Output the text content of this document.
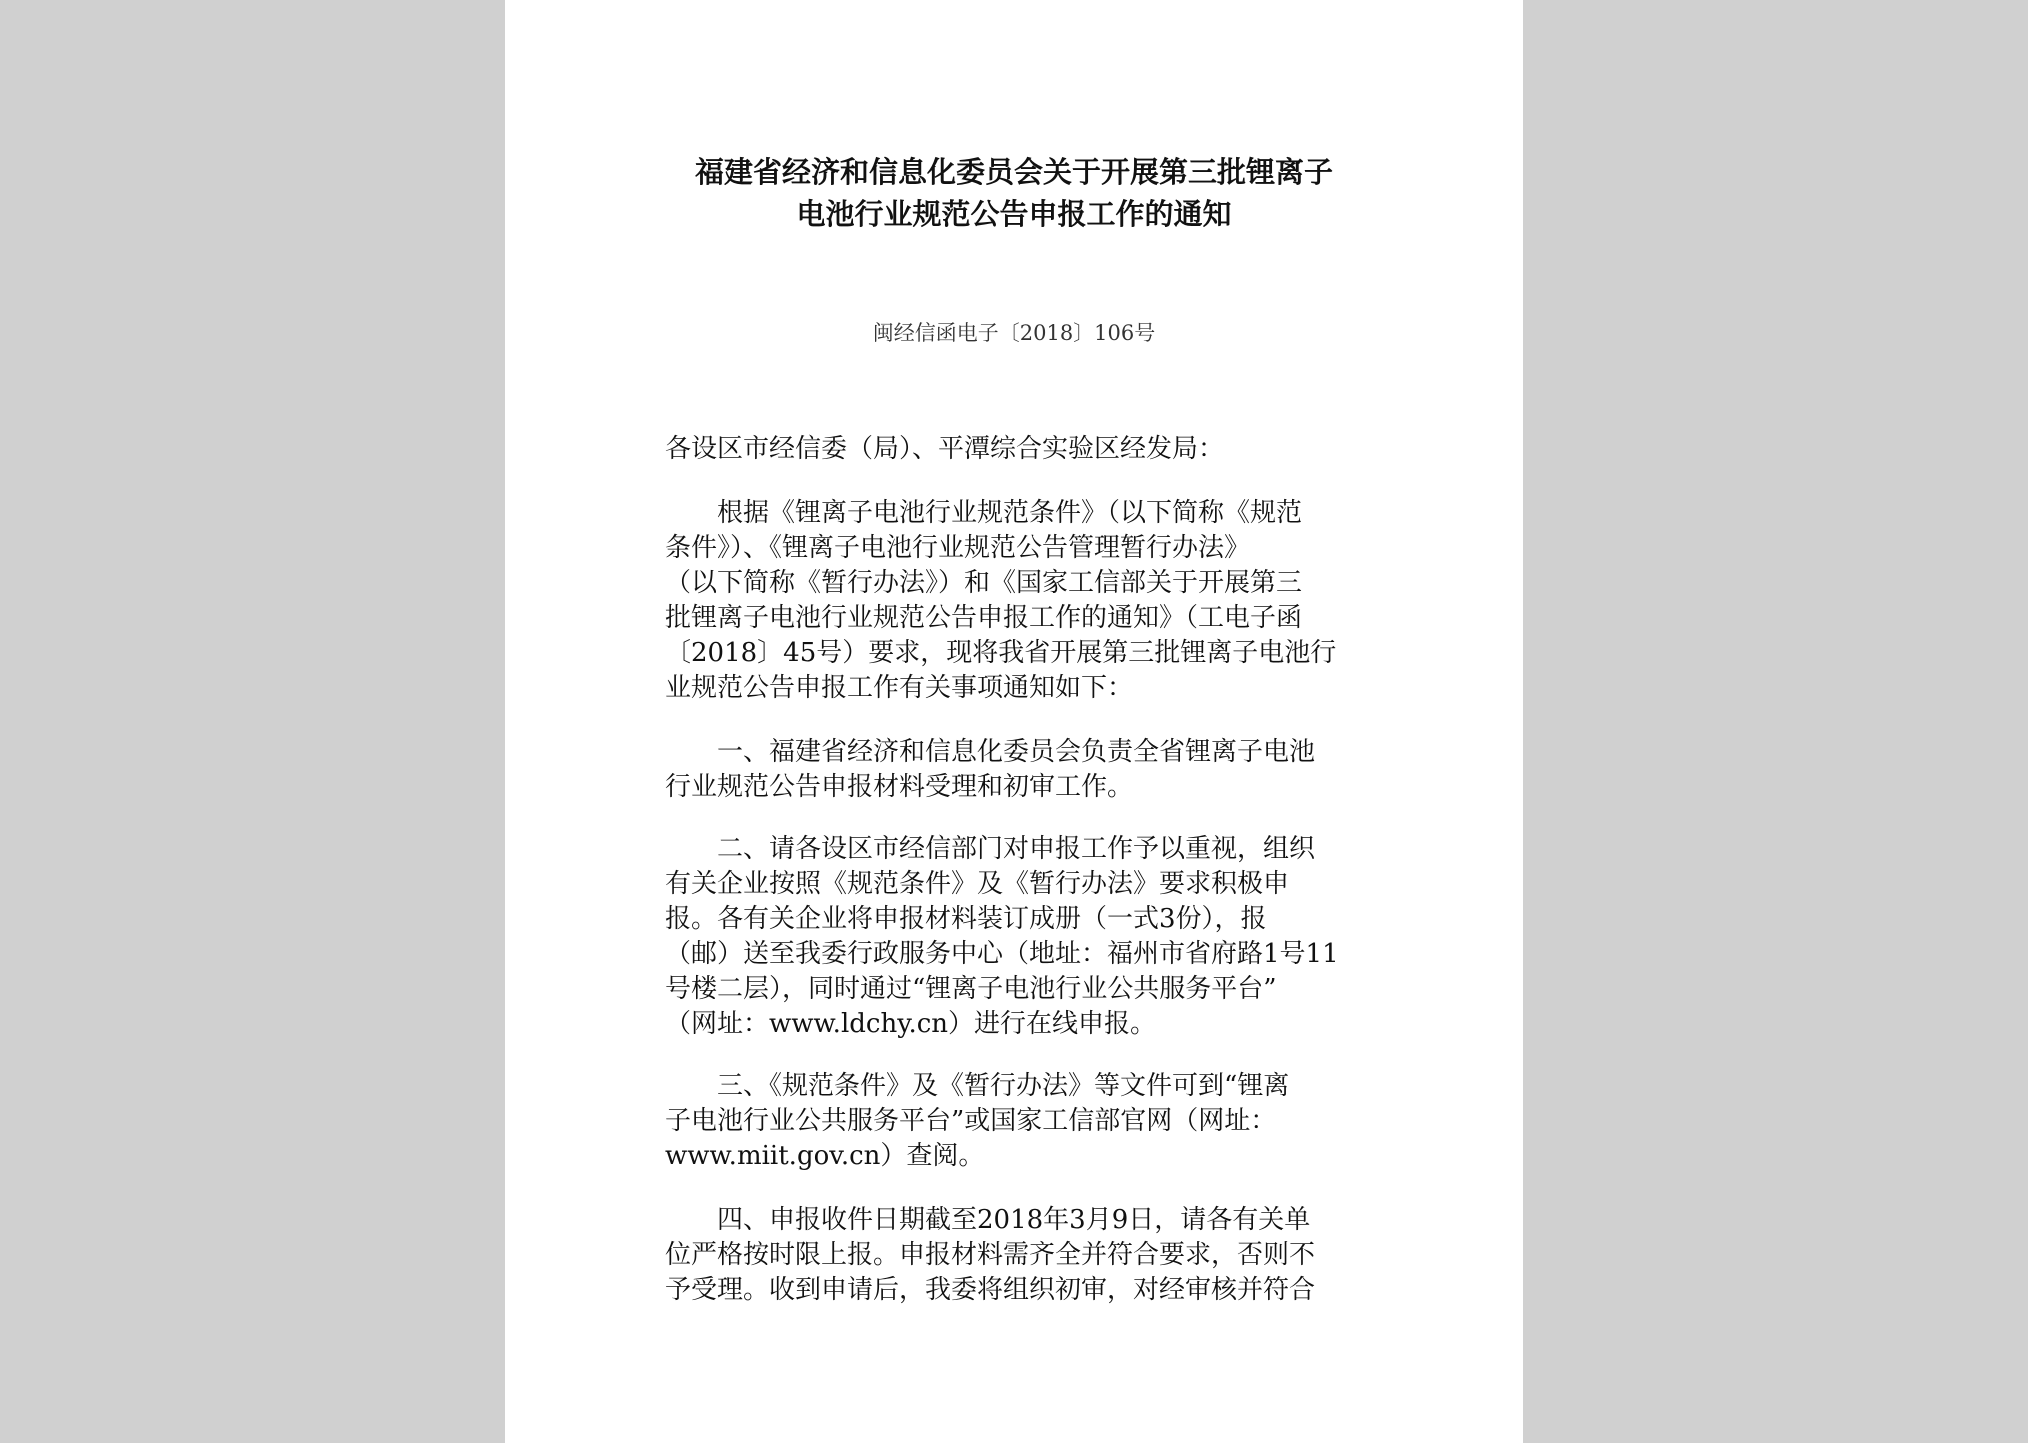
福建省经济和信息化委员会关于开展第三批锂离子
电池行业规范公告申报工作的通知
闽经信函电子〔2018〕106号
各设区市经信委（局）、平潭综合实验区经发局：
　　根据《锂离子电池行业规范条件》（以下简称《规范
条件》）、《锂离子电池行业规范公告管理暂行办法》
（以下简称《暂行办法》）和《国家工信部关于开展第三
批锂离子电池行业规范公告申报工作的通知》（工电子函
〔2018〕45号）要求，现将我省开展第三批锂离子电池行
业规范公告申报工作有关事项通知如下：
　　一、福建省经济和信息化委员会负责全省锂离子电池
行业规范公告申报材料受理和初审工作。
　　二、请各设区市经信部门对申报工作予以重视，组织
有关企业按照《规范条件》及《暂行办法》要求积极申
报。各有关企业将申报材料装订成册（一式3份），报
（邮）送至我委行政服务中心（地址：福州市省府路1号11
号楼二层），同时通过“锂离子电池行业公共服务平台”
（网址：www.ldchy.cn）进行在线申报。
　　三、《规范条件》及《暂行办法》等文件可到“锂离
子电池行业公共服务平台”或国家工信部官网（网址：
www.miit.gov.cn）查阅。
　　四、申报收件日期截至2018年3月9日，请各有关单
位严格按时限上报。申报材料需齐全并符合要求，否则不
予受理。收到申请后，我委将组织初审，对经审核并符合
